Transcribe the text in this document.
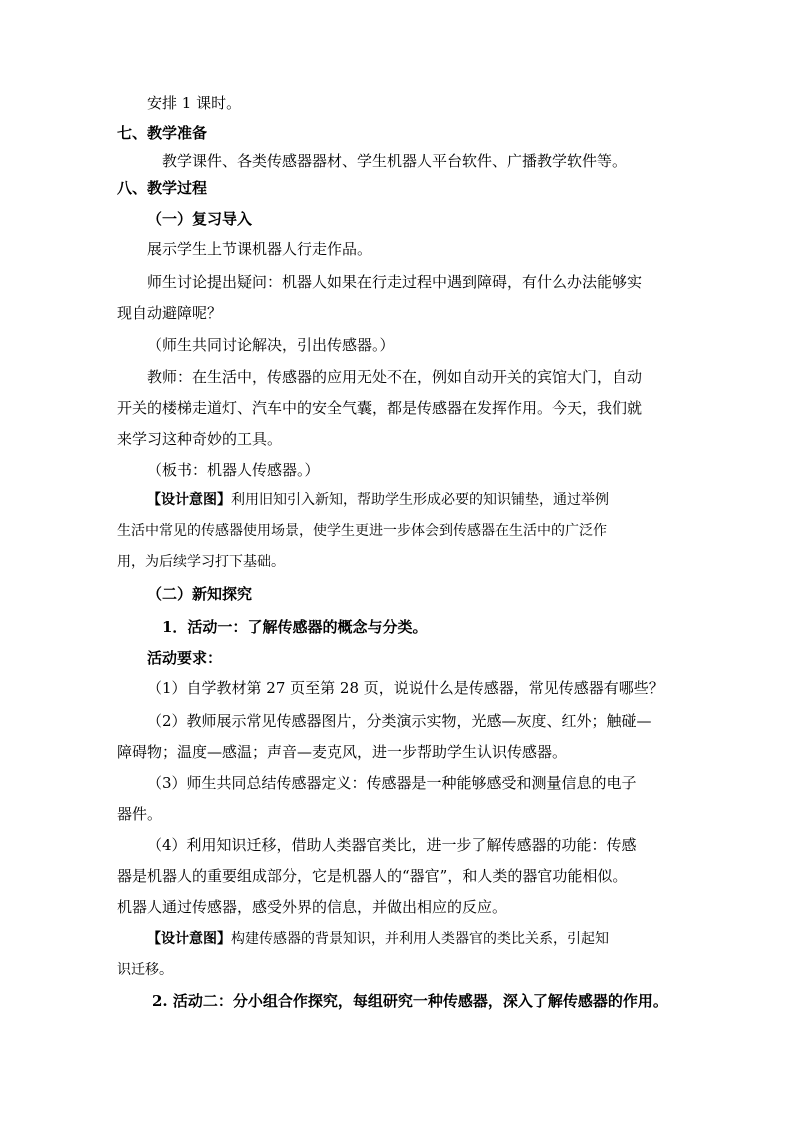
安排 1 课时。
七、教学准备
教学课件、各类传感器器材、学生机器人平台软件、广播教学软件等。
八、教学过程
（一）复习导入
展示学生上节课机器人行走作品。
师生讨论提出疑问：机器人如果在行走过程中遇到障碍，有什么办法能够实
现自动避障呢？
（师生共同讨论解决，引出传感器。）
教师：在生活中，传感器的应用无处不在，例如自动开关的宾馆大门，自动
开关的楼梯走道灯、汽车中的安全气囊，都是传感器在发挥作用。今天，我们就
来学习这种奇妙的工具。
（板书：机器人传感器。）
【设计意图】利用旧知引入新知，帮助学生形成必要的知识铺垫，通过举例
生活中常见的传感器使用场景，使学生更进一步体会到传感器在生活中的广泛作
用，为后续学习打下基础。
（二）新知探究
1．活动一：了解传感器的概念与分类。
活动要求：
（1）自学教材第 27 页至第 28 页，说说什么是传感器，常见传感器有哪些？
（2）教师展示常见传感器图片，分类演示实物，光感—灰度、红外；触碰—
障碍物；温度—感温；声音—麦克风，进一步帮助学生认识传感器。
（3）师生共同总结传感器定义：传感器是一种能够感受和测量信息的电子
器件。
（4）利用知识迁移，借助人类器官类比，进一步了解传感器的功能：传感
器是机器人的重要组成部分，它是机器人的“器官”，和人类的器官功能相似。
机器人通过传感器，感受外界的信息，并做出相应的反应。
【设计意图】构建传感器的背景知识，并利用人类器官的类比关系，引起知
识迁移。
2. 活动二：分小组合作探究，每组研究一种传感器，深入了解传感器的作用。
